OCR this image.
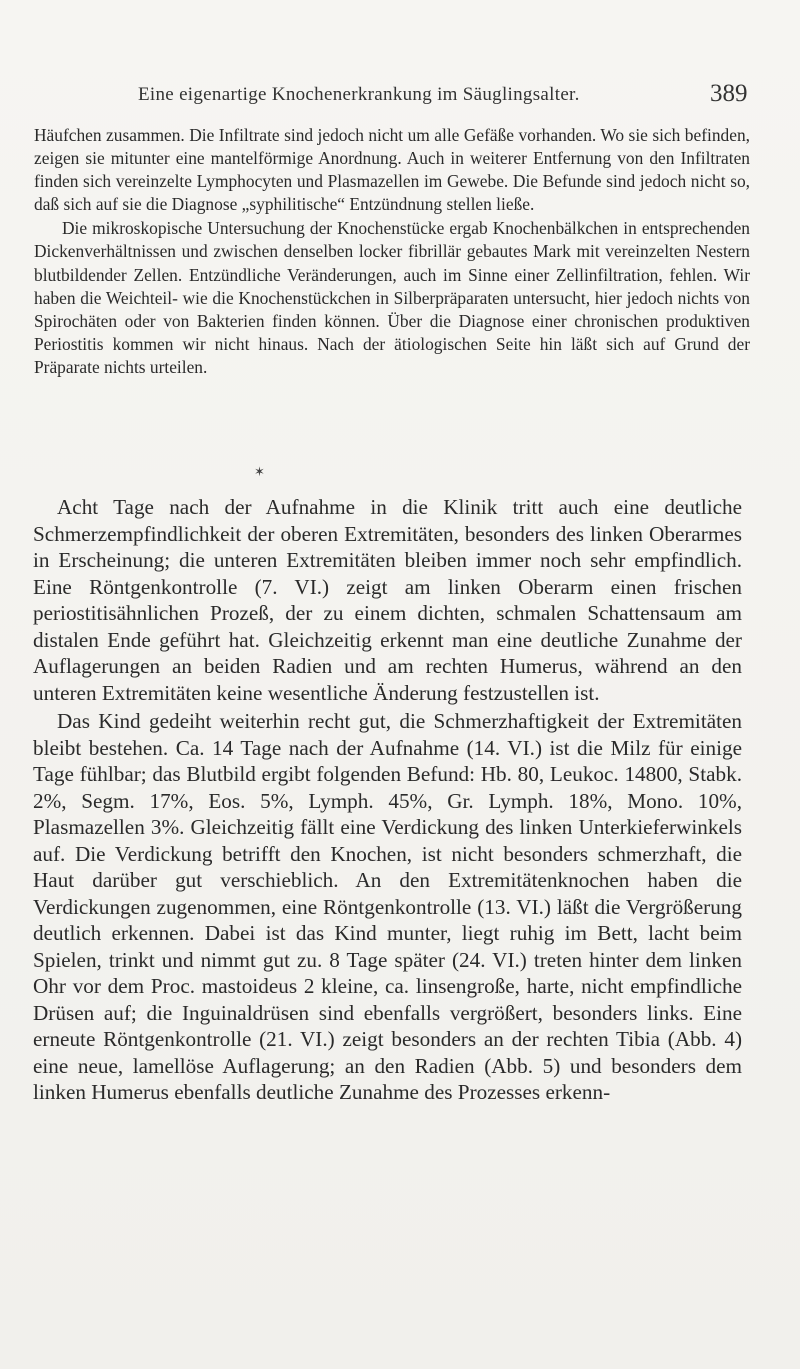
Eine eigenartige Knochenerkrankung im Säuglingsalter.	389

Häufchen zusammen. Die Infiltrate sind jedoch nicht um alle Gefäße vorhanden. Wo sie sich befinden, zeigen sie mitunter eine mantelförmige Anordnung. Auch in weiterer Entfernung von den Infiltraten finden sich vereinzelte Lymphocyten und Plasmazellen im Gewebe. Die Befunde sind jedoch nicht so, daß sich auf sie die Diagnose „syphilitische“ Entzündnung stellen ließe.

Die mikroskopische Untersuchung der Knochenstücke ergab Knochenbälkchen in entsprechenden Dickenverhältnissen und zwischen denselben locker fibrillär gebautes Mark mit vereinzelten Nestern blutbildender Zellen. Entzündliche Veränderungen, auch im Sinne einer Zellinfiltration, fehlen. Wir haben die Weichteil- wie die Knochenstückchen in Silberpräparaten untersucht, hier jedoch nichts von Spirochäten oder von Bakterien finden können. Über die Diagnose einer chronischen produktiven Periostitis kommen wir nicht hinaus. Nach der ätiologischen Seite hin läßt sich auf Grund der Präparate nichts urteilen.

✶

Acht Tage nach der Aufnahme in die Klinik tritt auch eine deutliche Schmerzempfindlichkeit der oberen Extremitäten, besonders des linken Oberarmes in Erscheinung; die unteren Extremitäten bleiben immer noch sehr empfindlich. Eine Röntgenkontrolle (7. VI.) zeigt am linken Oberarm einen frischen periostitisähnlichen Prozeß, der zu einem dichten, schmalen Schattensaum am distalen Ende geführt hat. Gleichzeitig erkennt man eine deutliche Zunahme der Auflagerungen an beiden Radien und am rechten Humerus, während an den unteren Extremitäten keine wesentliche Änderung festzustellen ist.

Das Kind gedeiht weiterhin recht gut, die Schmerzhaftigkeit der Extremitäten bleibt bestehen. Ca. 14 Tage nach der Aufnahme (14. VI.) ist die Milz für einige Tage fühlbar; das Blutbild ergibt folgenden Befund: Hb. 80, Leukoc. 14800, Stabk. 2%, Segm. 17%, Eos. 5%, Lymph. 45%, Gr. Lymph. 18%, Mono. 10%, Plasmazellen 3%. Gleichzeitig fällt eine Verdickung des linken Unterkieferwinkels auf. Die Verdickung betrifft den Knochen, ist nicht besonders schmerzhaft, die Haut darüber gut verschieblich. An den Extremitätenknochen haben die Verdickungen zugenommen, eine Röntgenkontrolle (13. VI.) läßt die Vergrößerung deutlich erkennen. Dabei ist das Kind munter, liegt ruhig im Bett, lacht beim Spielen, trinkt und nimmt gut zu. 8 Tage später (24. VI.) treten hinter dem linken Ohr vor dem Proc. mastoideus 2 kleine, ca. linsengroße, harte, nicht empfindliche Drüsen auf; die Inguinaldrüsen sind ebenfalls vergrößert, besonders links. Eine erneute Röntgenkontrolle (21. VI.) zeigt besonders an der rechten Tibia (Abb. 4) eine neue, lamellöse Auflagerung; an den Radien (Abb. 5) und besonders dem linken Humerus ebenfalls deutliche Zunahme des Prozesses erkenn-
